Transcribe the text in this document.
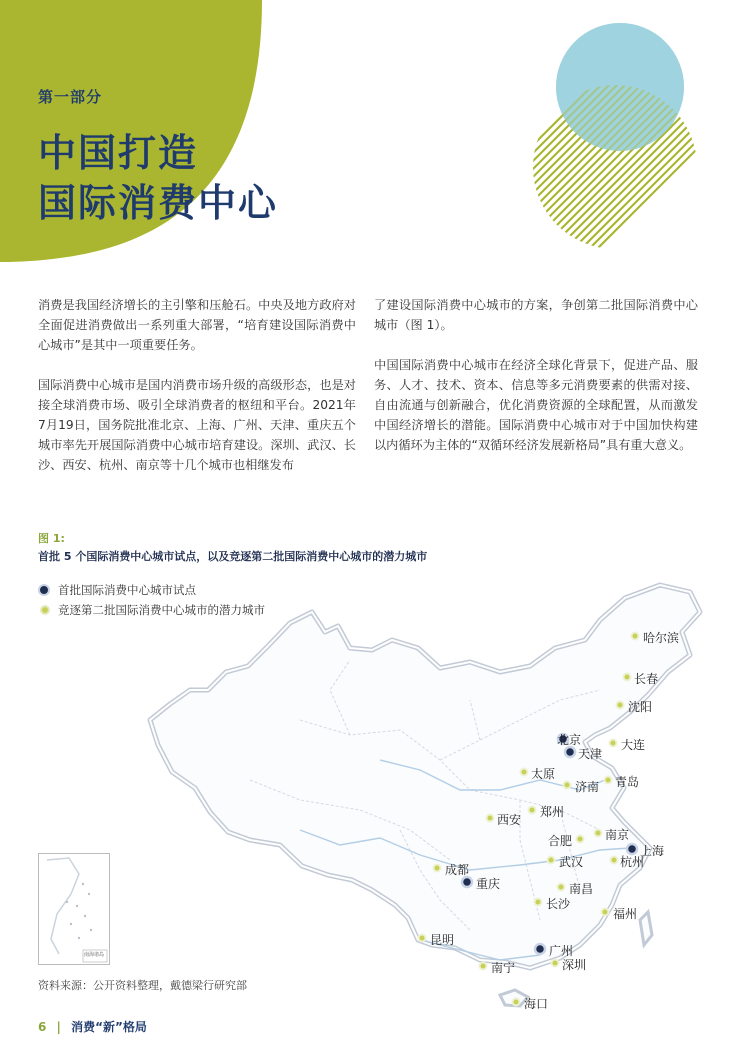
第一部分
中国打造
国际消费中心
消费是我国经济增长的主引擎和压舱石。中央及地方政府对全面促进消费做出一系列重大部署，“培育建设国际消费中心城市”是其中一项重要任务。
国际消费中心城市是国内消费市场升级的高级形态，也是对接全球消费市场、吸引全球消费者的枢纽和平台。2021年7月19日，国务院批准北京、上海、广州、天津、重庆五个城市率先开展国际消费中心城市培育建设。深圳、武汉、长沙、西安、杭州、南京等十几个城市也相继发布
了建设国际消费中心城市的方案，争创第二批国际消费中心城市（图 1）。
中国国际消费中心城市在经济全球化背景下，促进产品、服务、人才、技术、资本、信息等多元消费要素的供需对接、自由流通与创新融合，优化消费资源的全球配置，从而激发中国经济增长的潜能。国际消费中心城市对于中国加快构建以内循环为主体的“双循环经济发展新格局”具有重大意义。
图 1:
首批 5 个国际消费中心城市试点，以及竞逐第二批国际消费中心城市的潜力城市
首批国际消费中心城市试点
竞逐第二批国际消费中心城市的潜力城市
南海诸岛
哈尔滨
长春
沈阳
北京
天津
大连
太原
济南 青岛
郑州
西安
合肥	南京
上海
成都
武汉	杭州
重庆	南昌
长沙
福州
昆明
广州
南宁	深圳
海口
资料来源：公开资料整理，戴德梁行研究部
6 | 消费“新”格局
